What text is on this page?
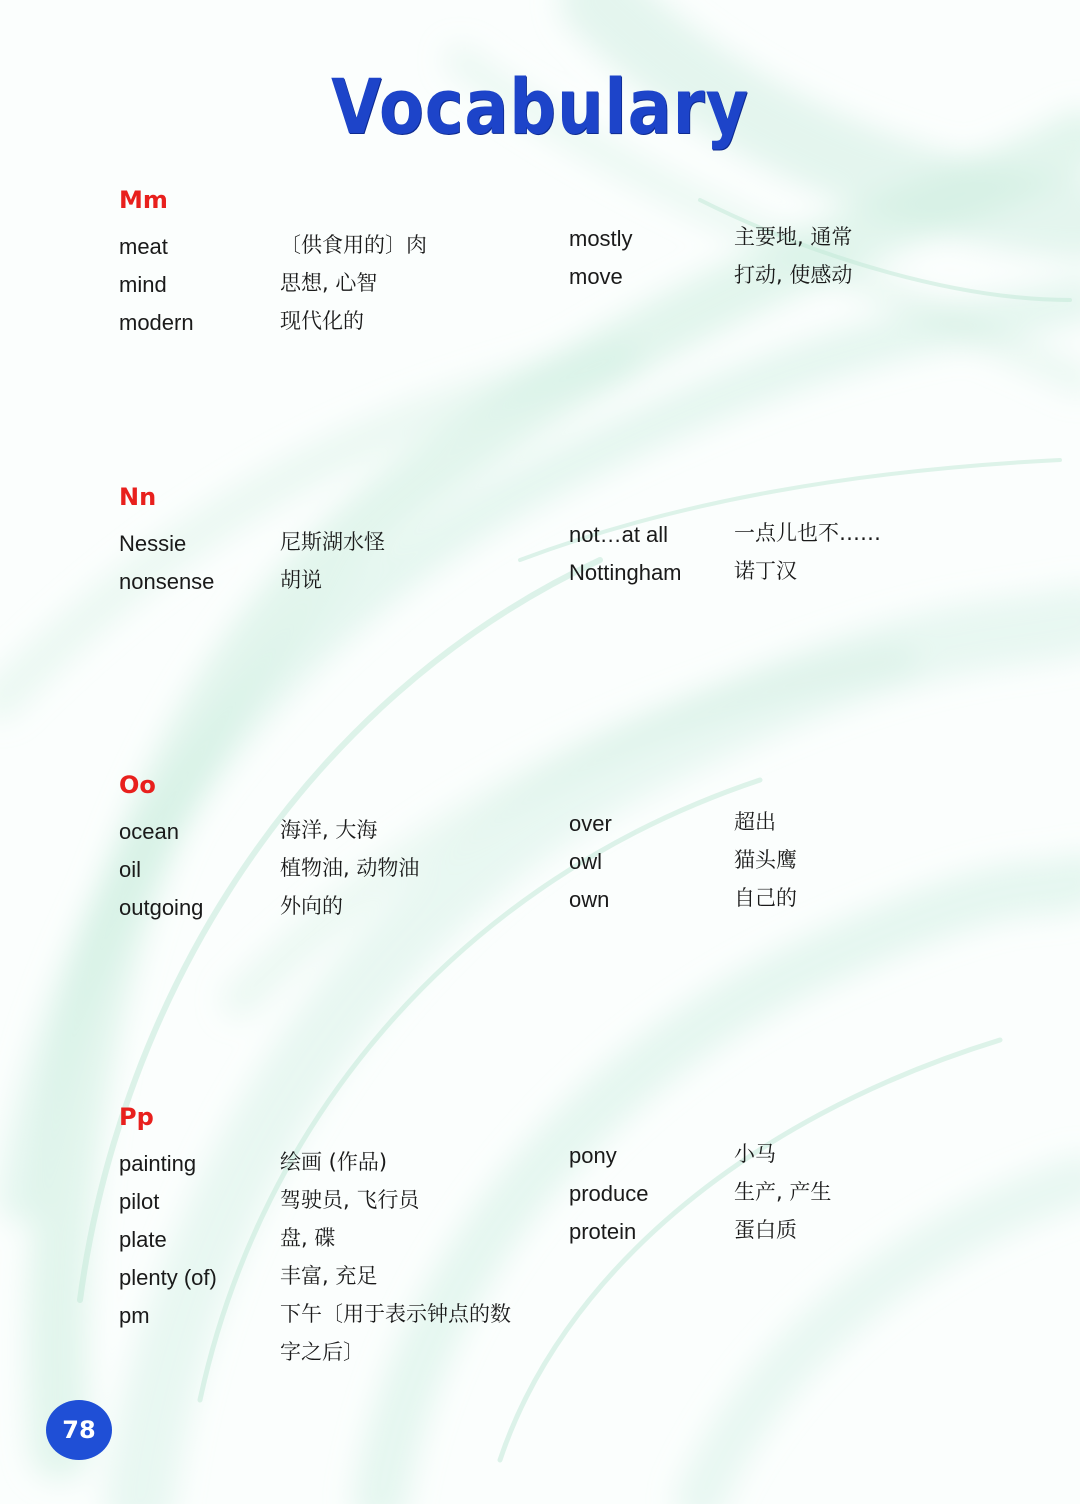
Vocabulary
Mm
meat	〔供食用的〕肉
mind	思想, 心智
modern	现代化的
mostly	主要地, 通常
move	打动, 使感动
Nn
Nessie	尼斯湖水怪
nonsense	胡说
not…at all	一点儿也不……
Nottingham 诺丁汉
Oo
ocean	海洋, 大海
oil	植物油, 动物油
outgoing	外向的
over	超出
owl	猫头鹰
own	自己的
Pp
painting	绘画 (作品)
pilot	驾驶员, 飞行员
plate	盘, 碟
plenty (of)	丰富, 充足
pm	下午〔用于表示钟点的数字之后〕
pony	小马
produce	生产, 产生
protein	蛋白质
78
